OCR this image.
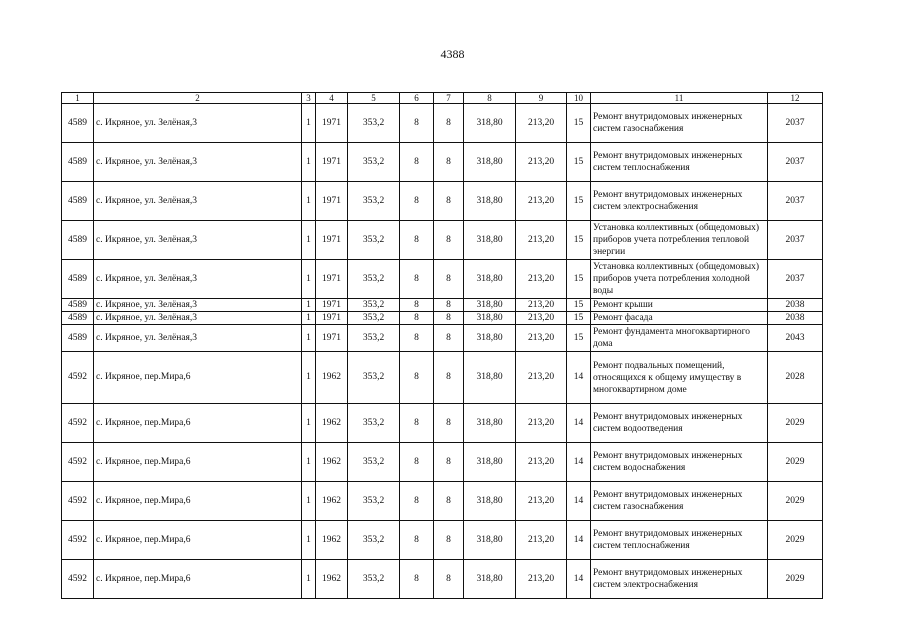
4388
1	2	3	4	5	6	7	8	9	10	11	12
4589	с. Икряное, ул. Зелёная,3	1	1971	353,2	8	8	318,80	213,20	15	Ремонт внутридомовых инженерных систем газоснабжения	2037
4589	с. Икряное, ул. Зелёная,3	1	1971	353,2	8	8	318,80	213,20	15	Ремонт внутридомовых инженерных систем теплоснабжения	2037
4589	с. Икряное, ул. Зелёная,3	1	1971	353,2	8	8	318,80	213,20	15	Ремонт внутридомовых инженерных систем электроснабжения	2037
4589	с. Икряное, ул. Зелёная,3	1	1971	353,2	8	8	318,80	213,20	15	Установка коллективных (общедомовых) приборов учета потребления тепловой энергии	2037
4589	с. Икряное, ул. Зелёная,3	1	1971	353,2	8	8	318,80	213,20	15	Установка коллективных (общедомовых) приборов учета потребления холодной воды	2037
4589	с. Икряное, ул. Зелёная,3	1	1971	353,2	8	8	318,80	213,20	15	Ремонт крыши	2038
4589	с. Икряное, ул. Зелёная,3	1	1971	353,2	8	8	318,80	213,20	15	Ремонт фасада	2038
4589	с. Икряное, ул. Зелёная,3	1	1971	353,2	8	8	318,80	213,20	15	Ремонт фундамента многоквартирного дома	2043
4592	с. Икряное, пер.Мира,6	1	1962	353,2	8	8	318,80	213,20	14	Ремонт подвальных помещений, относящихся к общему имуществу в многоквартирном доме	2028
4592	с. Икряное, пер.Мира,6	1	1962	353,2	8	8	318,80	213,20	14	Ремонт внутридомовых инженерных систем водоотведения	2029
4592	с. Икряное, пер.Мира,6	1	1962	353,2	8	8	318,80	213,20	14	Ремонт внутридомовых инженерных систем водоснабжения	2029
4592	с. Икряное, пер.Мира,6	1	1962	353,2	8	8	318,80	213,20	14	Ремонт внутридомовых инженерных систем газоснабжения	2029
4592	с. Икряное, пер.Мира,6	1	1962	353,2	8	8	318,80	213,20	14	Ремонт внутридомовых инженерных систем теплоснабжения	2029
4592	с. Икряное, пер.Мира,6	1	1962	353,2	8	8	318,80	213,20	14	Ремонт внутридомовых инженерных систем электроснабжения	2029
